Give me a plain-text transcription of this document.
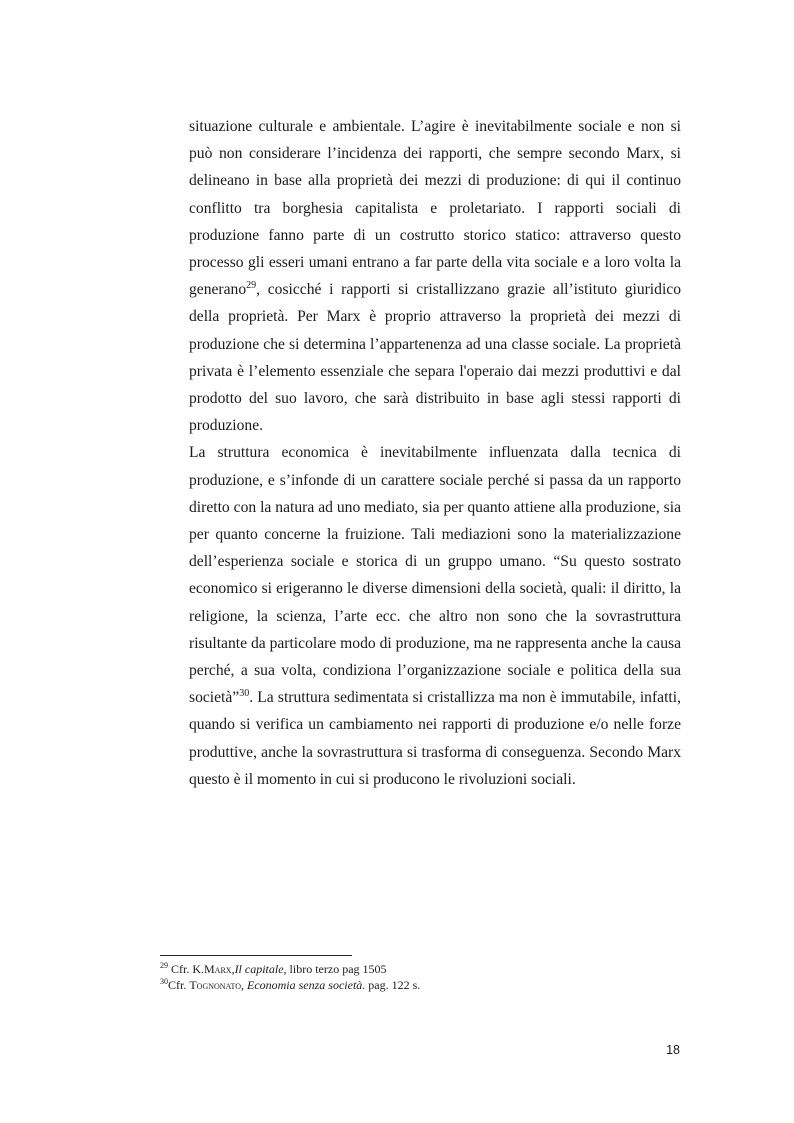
situazione culturale e ambientale. L’agire è inevitabilmente sociale e non si può non considerare l’incidenza dei rapporti, che sempre secondo Marx, si delineano in base alla proprietà dei mezzi di produzione: di qui il continuo conflitto tra borghesia capitalista e proletariato. I rapporti sociali di produzione fanno parte di un costrutto storico statico: attraverso questo processo gli esseri umani entrano a far parte della vita sociale e a loro volta la generano$^{29}$, cosicché i rapporti si cristallizzano grazie all’istituto giuridico della proprietà. Per Marx è proprio attraverso la proprietà dei mezzi di produzione che si determina l’appartenenza ad una classe sociale. La proprietà privata è l’elemento essenziale che separa l'operaio dai mezzi produttivi e dal prodotto del suo lavoro, che sarà distribuito in base agli stessi rapporti di produzione.

La struttura economica è inevitabilmente influenzata dalla tecnica di produzione, e s’infonde di un carattere sociale perché si passa da un rapporto diretto con la natura ad uno mediato, sia per quanto attiene alla produzione, sia per quanto concerne la fruizione. Tali mediazioni sono la materializzazione dell’esperienza sociale e storica di un gruppo umano. “Su questo sostrato economico si erigeranno le diverse dimensioni della società, quali: il diritto, la religione, la scienza, l’arte ecc. che altro non sono che la sovrastruttura risultante da particolare modo di produzione, ma ne rappresenta anche la causa perché, a sua volta, condiziona l’organizzazione sociale e politica della sua società”$^{30}$. La struttura sedimentata si cristallizza ma non è immutabile, infatti, quando si verifica un cambiamento nei rapporti di produzione e/o nelle forze produttive, anche la sovrastruttura si trasforma di conseguenza. Secondo Marx questo è il momento in cui si producono le rivoluzioni sociali.

$^{29}$ Cfr. K.Marx,Il capitale, libro terzo pag 1505

$^{30}$Cfr. Tognonato, Economia senza società. pag. 122 s.

18
